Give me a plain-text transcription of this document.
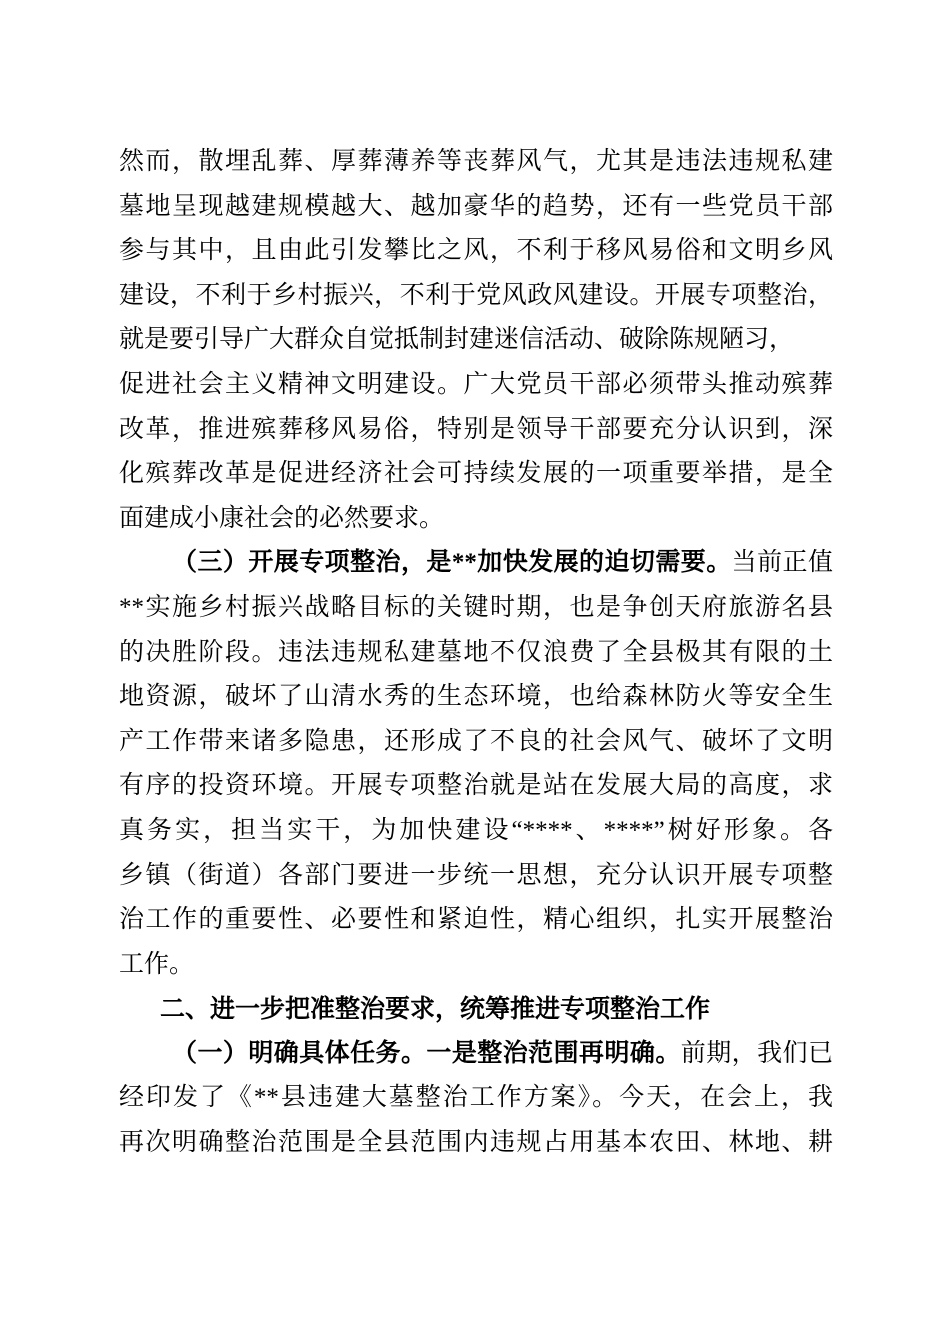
然而，散埋乱葬、厚葬薄养等丧葬风气，尤其是违法违规私建
墓地呈现越建规模越大、越加豪华的趋势，还有一些党员干部
参与其中，且由此引发攀比之风，不利于移风易俗和文明乡风
建设，不利于乡村振兴，不利于党风政风建设。开展专项整治，
就是要引导广大群众自觉抵制封建迷信活动、破除陈规陋习，
促进社会主义精神文明建设。广大党员干部必须带头推动殡葬
改革，推进殡葬移风易俗，特别是领导干部要充分认识到，深
化殡葬改革是促进经济社会可持续发展的一项重要举措，是全
面建成小康社会的必然要求。
（三）开展专项整治，是**加快发展的迫切需要。当前正值
**实施乡村振兴战略目标的关键时期，也是争创天府旅游名县
的决胜阶段。违法违规私建墓地不仅浪费了全县极其有限的土
地资源，破坏了山清水秀的生态环境，也给森林防火等安全生
产工作带来诸多隐患，还形成了不良的社会风气、破坏了文明
有序的投资环境。开展专项整治就是站在发展大局的高度，求
真务实，担当实干，为加快建设“****、****”树好形象。各
乡镇（街道）各部门要进一步统一思想，充分认识开展专项整
治工作的重要性、必要性和紧迫性，精心组织，扎实开展整治
工作。
二、进一步把准整治要求，统筹推进专项整治工作
（一）明确具体任务。一是整治范围再明确。前期，我们已
经印发了《**县违建大墓整治工作方案》。今天，在会上，我
再次明确整治范围是全县范围内违规占用基本农田、林地、耕
